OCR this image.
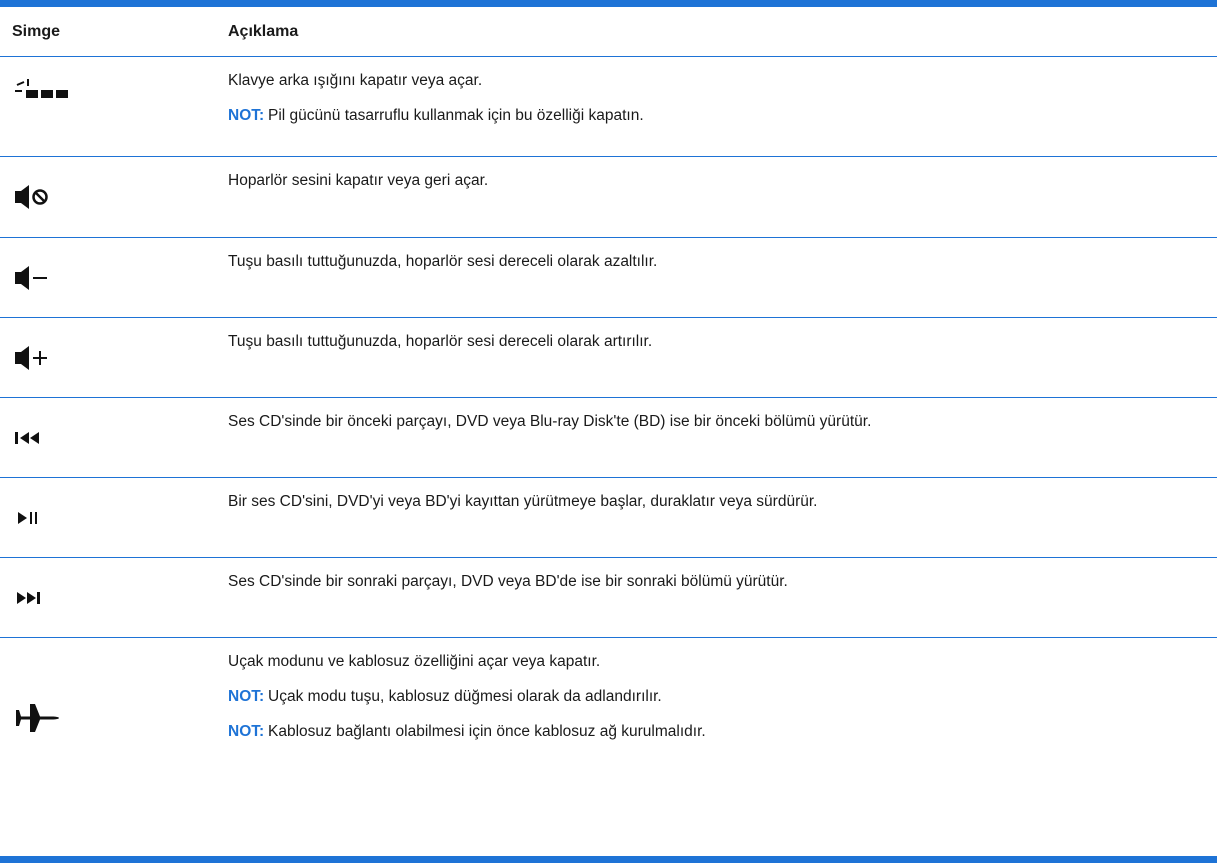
Simge	Açıklama
Klavye arka ışığını kapatır veya açar.
NOT: Pil gücünü tasarruflu kullanmak için bu özelliği kapatın.
Hoparlör sesini kapatır veya geri açar.
Tuşu basılı tuttuğunuzda, hoparlör sesi dereceli olarak azaltılır.
Tuşu basılı tuttuğunuzda, hoparlör sesi dereceli olarak artırılır.
Ses CD'sinde bir önceki parçayı, DVD veya Blu-ray Disk'te (BD) ise bir önceki bölümü yürütür.
Bir ses CD'sini, DVD'yi veya BD'yi kayıttan yürütmeye başlar, duraklatır veya sürdürür.
Ses CD'sinde bir sonraki parçayı, DVD veya BD'de ise bir sonraki bölümü yürütür.
Uçak modunu ve kablosuz özelliğini açar veya kapatır.
NOT: Uçak modu tuşu, kablosuz düğmesi olarak da adlandırılır.
NOT: Kablosuz bağlantı olabilmesi için önce kablosuz ağ kurulmalıdır.
